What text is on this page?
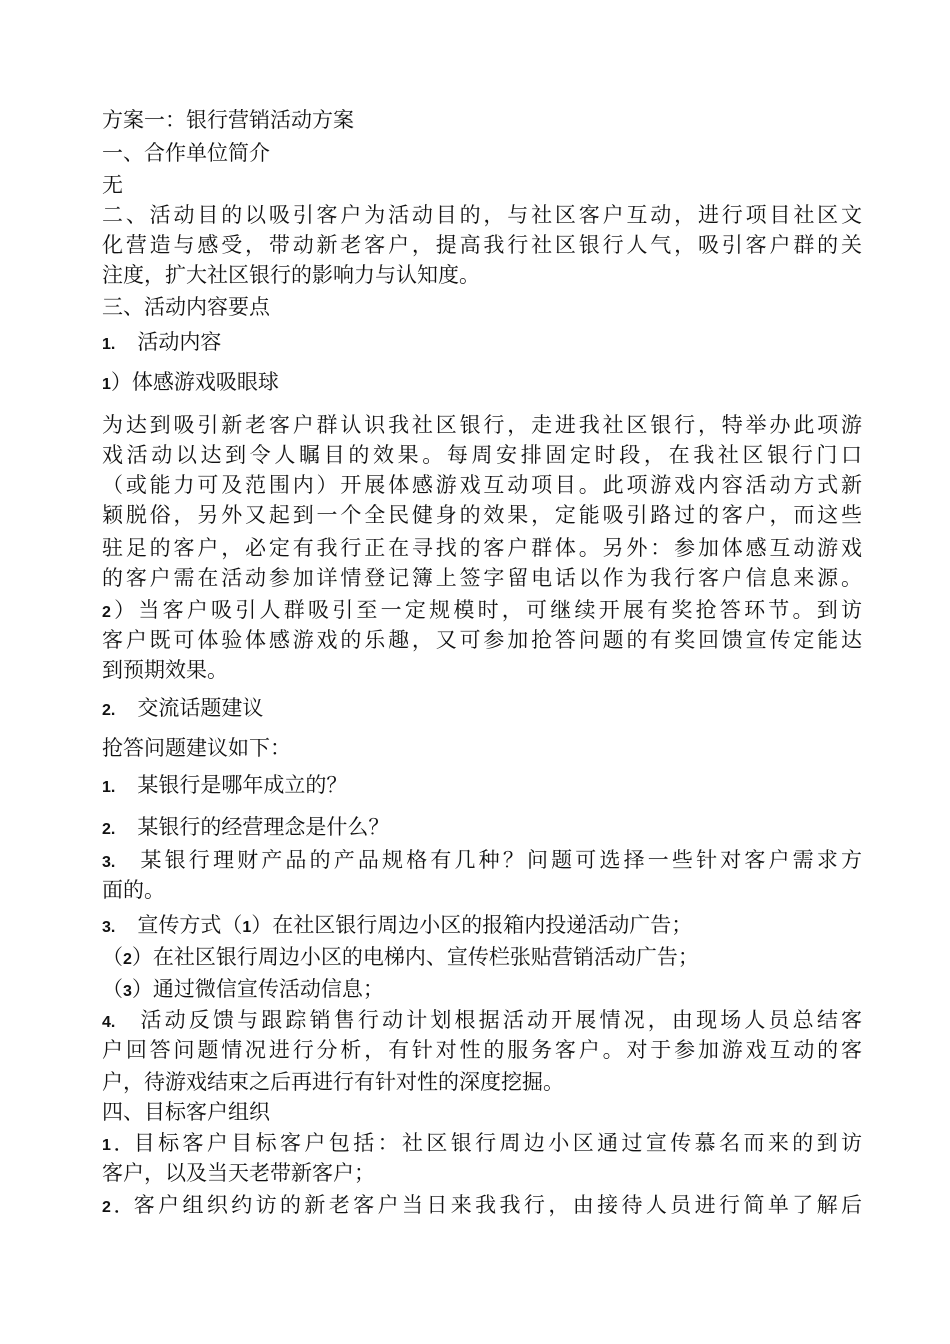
方案一：银行营销活动方案
一、合作单位简介
无
二、活动目的以吸引客户为活动目的，与社区客户互动，进行项目社区文
化营造与感受，带动新老客户，提高我行社区银行人气，吸引客户群的关
注度，扩大社区银行的影响力与认知度。
三、活动内容要点
1. 活动内容
1）体感游戏吸眼球
为达到吸引新老客户群认识我社区银行，走进我社区银行，特举办此项游
戏活动以达到令人瞩目的效果。每周安排固定时段，在我社区银行门口
（或能力可及范围内）开展体感游戏互动项目。此项游戏内容活动方式新
颖脱俗，另外又起到一个全民健身的效果，定能吸引路过的客户，而这些
驻足的客户，必定有我行正在寻找的客户群体。另外：参加体感互动游戏
的客户需在活动参加详情登记簿上签字留电话以作为我行客户信息来源。
2）当客户吸引人群吸引至一定规模时，可继续开展有奖抢答环节。到访
客户既可体验体感游戏的乐趣，又可参加抢答问题的有奖回馈宣传定能达
到预期效果。
2. 交流话题建议
抢答问题建议如下：
1. 某银行是哪年成立的？
2. 某银行的经营理念是什么？
3. 某银行理财产品的产品规格有几种？问题可选择一些针对客户需求方
面的。
3. 宣传方式（1）在社区银行周边小区的报箱内投递活动广告；
（2）在社区银行周边小区的电梯内、宣传栏张贴营销活动广告；
（3）通过微信宣传活动信息；
4. 活动反馈与跟踪销售行动计划根据活动开展情况，由现场人员总结客
户回答问题情况进行分析，有针对性的服务客户。对于参加游戏互动的客
户，待游戏结束之后再进行有针对性的深度挖掘。
四、目标客户组织
1．目标客户目标客户包括：社区银行周边小区通过宣传慕名而来的到访
客户，以及当天老带新客户；
2．客户组织约访的新老客户当日来我我行，由接待人员进行简单了解后
